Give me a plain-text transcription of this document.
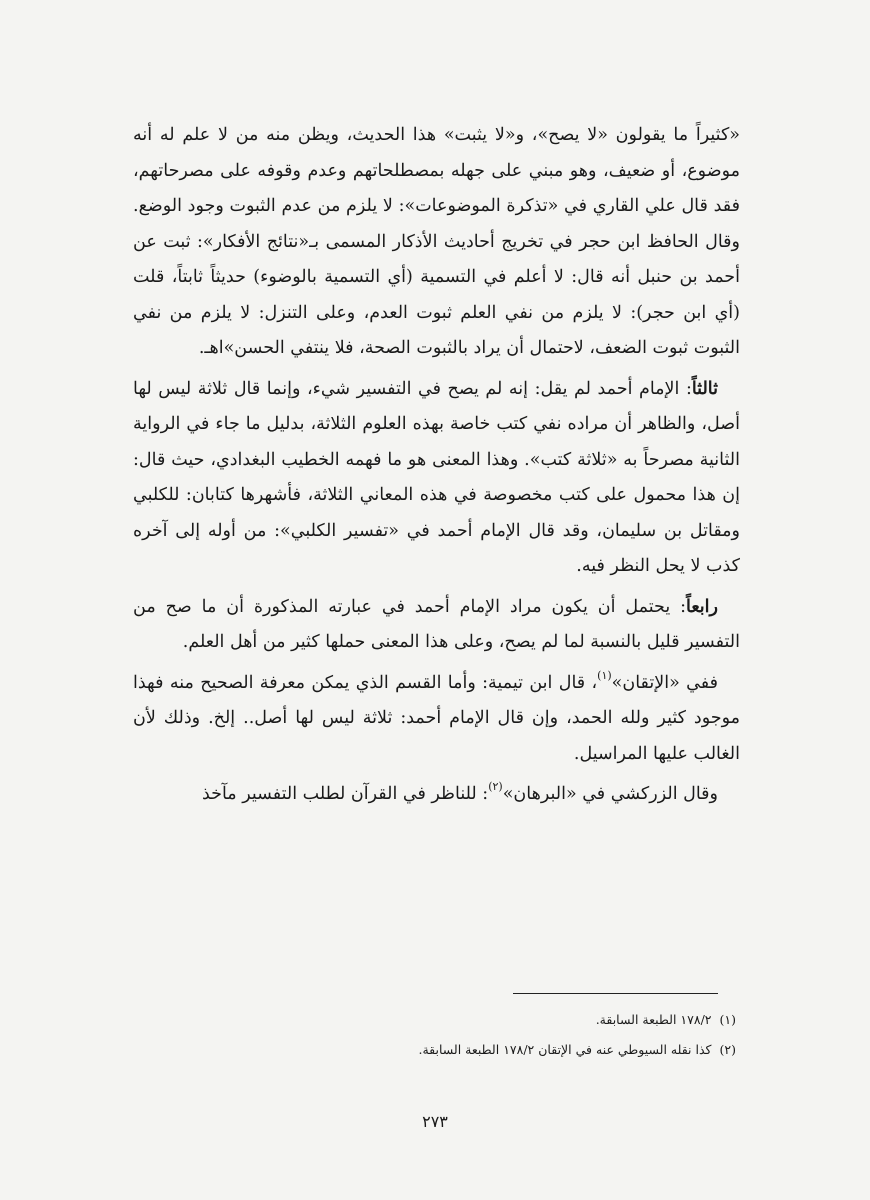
«كثيراً ما يقولون «لا يصح»، و«لا يثبت» هذا الحديث، ويظن منه من لا علم له أنه موضوع، أو ضعيف، وهو مبني على جهله بمصطلحاتهم وعدم وقوفه على مصرحاتهم، فقد قال علي القاري في «تذكرة الموضوعات»: لا يلزم من عدم الثبوت وجود الوضع. وقال الحافظ ابن حجر في تخريج أحاديث الأذكار المسمى بـ«نتائج الأفكار»: ثبت عن أحمد بن حنبل أنه قال: لا أعلم في التسمية (أي التسمية بالوضوء) حديثاً ثابتاً، قلت (أي ابن حجر): لا يلزم من نفي العلم ثبوت العدم، وعلى التنزل: لا يلزم من نفي الثبوت ثبوت الضعف، لاحتمال أن يراد بالثبوت الصحة، فلا ينتفي الحسن»اهـ.

ثالثاً: الإمام أحمد لم يقل: إنه لم يصح في التفسير شيء، وإنما قال ثلاثة ليس لها أصل، والظاهر أن مراده نفي كتب خاصة بهذه العلوم الثلاثة، بدليل ما جاء في الرواية الثانية مصرحاً به «ثلاثة كتب». وهذا المعنى هو ما فهمه الخطيب البغدادي، حيث قال: إن هذا محمول على كتب مخصوصة في هذه المعاني الثلاثة، فأشهرها كتابان: للكلبي ومقاتل بن سليمان، وقد قال الإمام أحمد في «تفسير الكلبي»: من أوله إلى آخره كذب لا يحل النظر فيه.

رابعاً: يحتمل أن يكون مراد الإمام أحمد في عبارته المذكورة أن ما صح من التفسير قليل بالنسبة لما لم يصح، وعلى هذا المعنى حملها كثير من أهل العلم.

ففي «الإتقان»$^{(١)}$، قال ابن تيمية: وأما القسم الذي يمكن معرفة الصحيح منه فهذا موجود كثير ولله الحمد، وإن قال الإمام أحمد: ثلاثة ليس لها أصل.. إلخ. وذلك لأن الغالب عليها المراسيل.

وقال الزركشي في «البرهان»$^{(٢)}$: للناظر في القرآن لطلب التفسير مآخذ

(١)١٧٨/٢ الطبعة السابقة.
(٢)كذا نقله السيوطي عنه في الإتقان ١٧٨/٢ الطبعة السابقة.
٢٧٣
